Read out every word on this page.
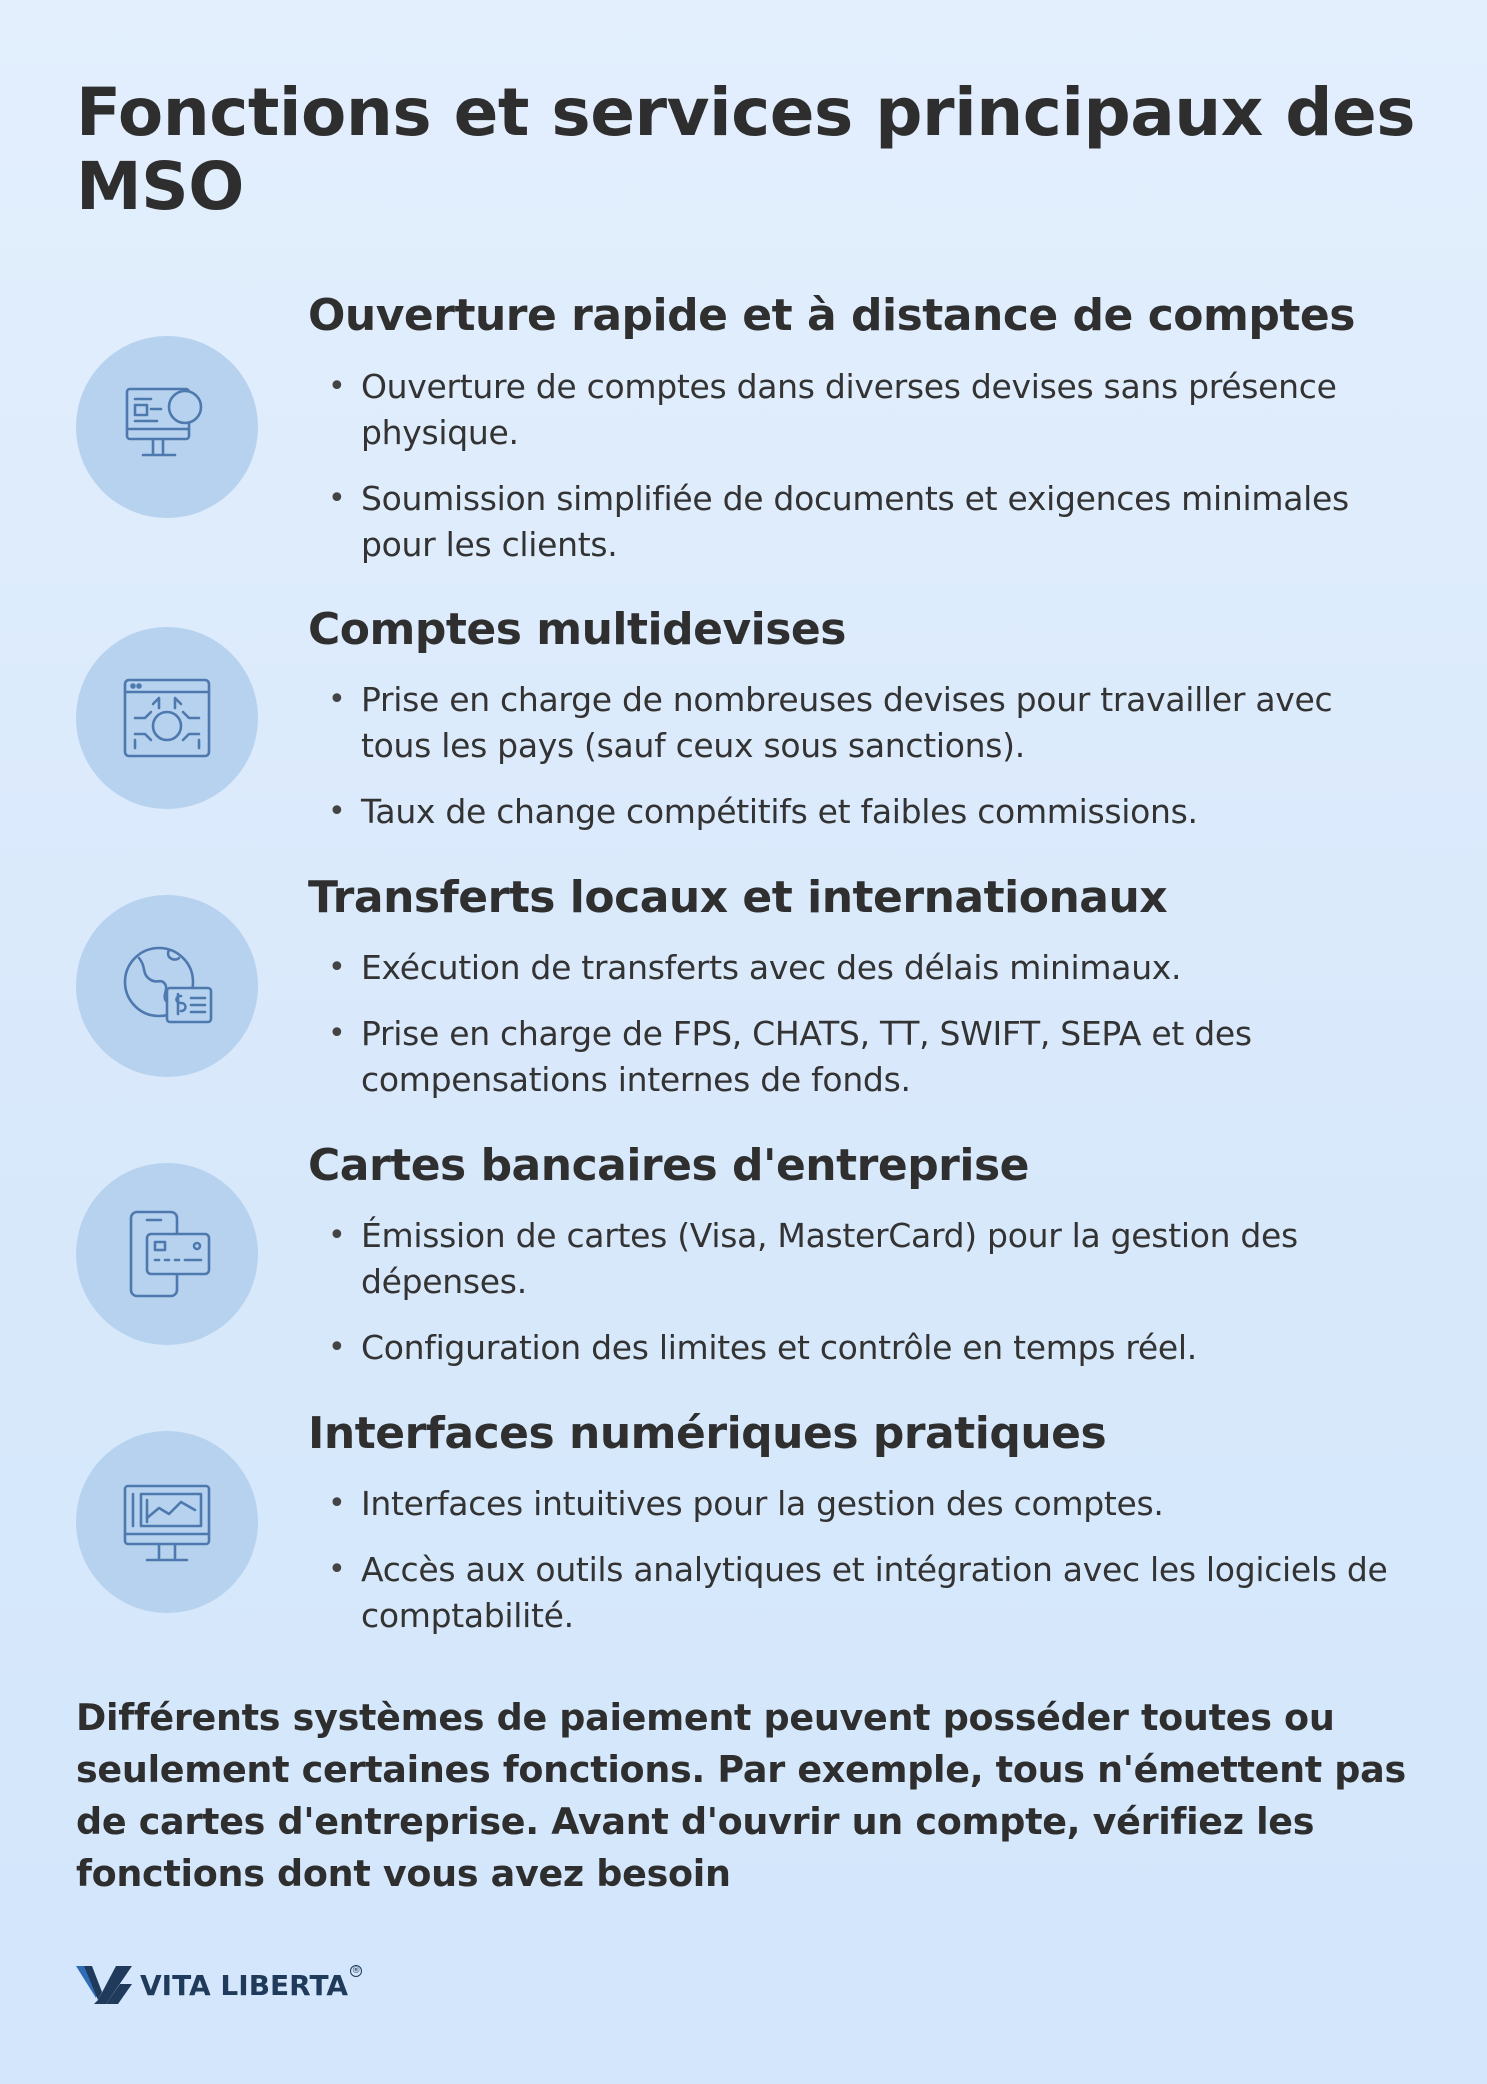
Fonctions et services principaux des MSO
Ouverture rapide et à distance de comptes
• Ouverture de comptes dans diverses devises sans présence physique.
• Soumission simplifiée de documents et exigences minimales pour les clients.
Comptes multidevises
• Prise en charge de nombreuses devises pour travailler avec tous les pays (sauf ceux sous sanctions).
• Taux de change compétitifs et faibles commissions.
Transferts locaux et internationaux
• Exécution de transferts avec des délais minimaux.
• Prise en charge de FPS, CHATS, TT, SWIFT, SEPA et des compensations internes de fonds.
Cartes bancaires d'entreprise
• Émission de cartes (Visa, MasterCard) pour la gestion des dépenses.
• Configuration des limites et contrôle en temps réel.
Interfaces numériques pratiques
• Interfaces intuitives pour la gestion des comptes.
• Accès aux outils analytiques et intégration avec les logiciels de comptabilité.

Différents systèmes de paiement peuvent posséder toutes ou seulement certaines fonctions. Par exemple, tous n'émettent pas de cartes d'entreprise. Avant d'ouvrir un compte, vérifiez les fonctions dont vous avez besoin

VITA LIBERTA ®
